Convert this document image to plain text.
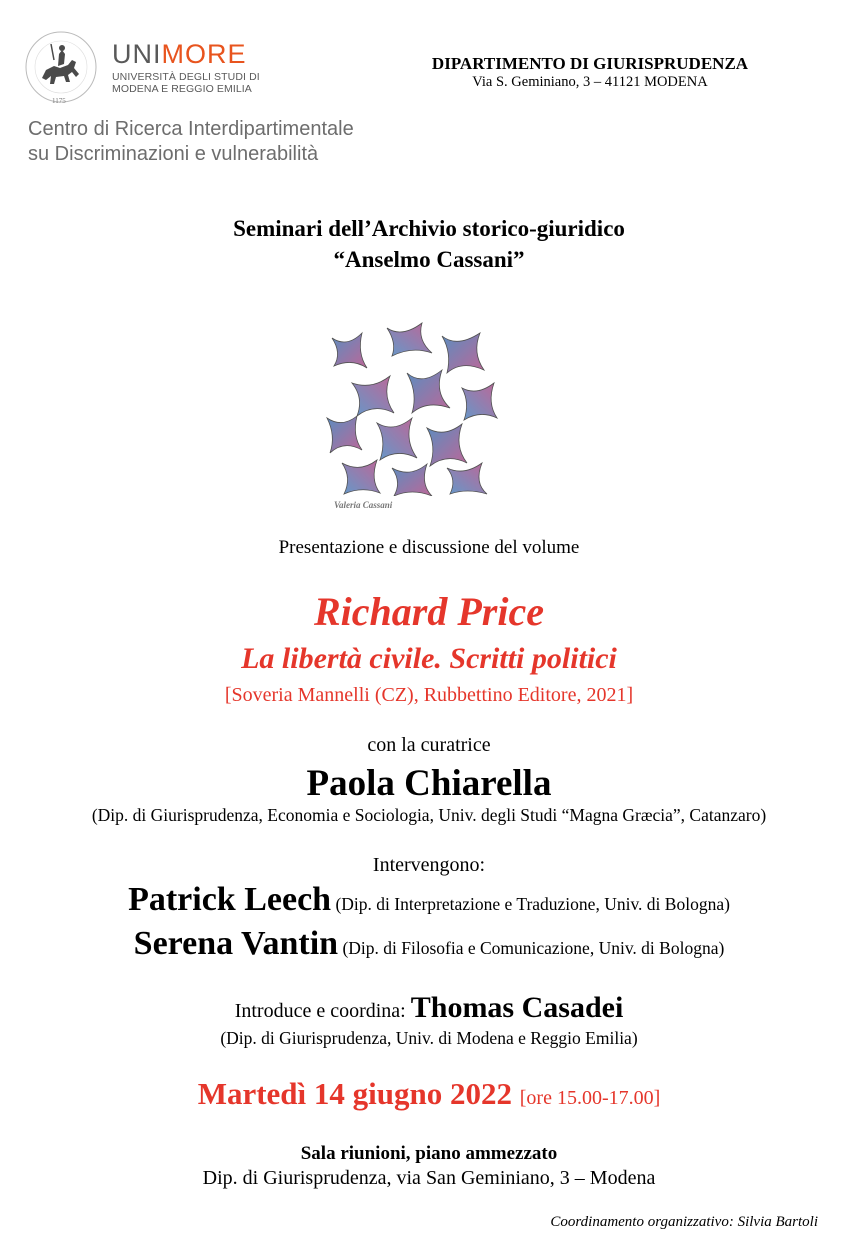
1175
UNIMORE
UNIVERSITÀ DEGLI STUDI DI
MODENA E REGGIO EMILIA
Centro di Ricerca Interdipartimentale
su Discriminazioni e vulnerabilità
DIPARTIMENTO DI GIURISPRUDENZA
Via S. Geminiano, 3 – 41121 MODENA
Seminari dell’Archivio storico-giuridico
“Anselmo Cassani”
Valeria Cassani
Presentazione e discussione del volume
Richard Price
La libertà civile. Scritti politici
[Soveria Mannelli (CZ), Rubbettino Editore, 2021]
con la curatrice
Paola Chiarella
(Dip. di Giurisprudenza, Economia e Sociologia, Univ. degli Studi “Magna Græcia”, Catanzaro)
Intervengono:
Patrick Leech (Dip. di Interpretazione e Traduzione, Univ. di Bologna)
Serena Vantin (Dip. di Filosofia e Comunicazione, Univ. di Bologna)
Introduce e coordina: Thomas Casadei
(Dip. di Giurisprudenza, Univ. di Modena e Reggio Emilia)
Martedì 14 giugno 2022 [ore 15.00-17.00]
Sala riunioni, piano ammezzato
Dip. di Giurisprudenza, via San Geminiano, 3 – Modena
Coordinamento organizzativo: Silvia Bartoli
